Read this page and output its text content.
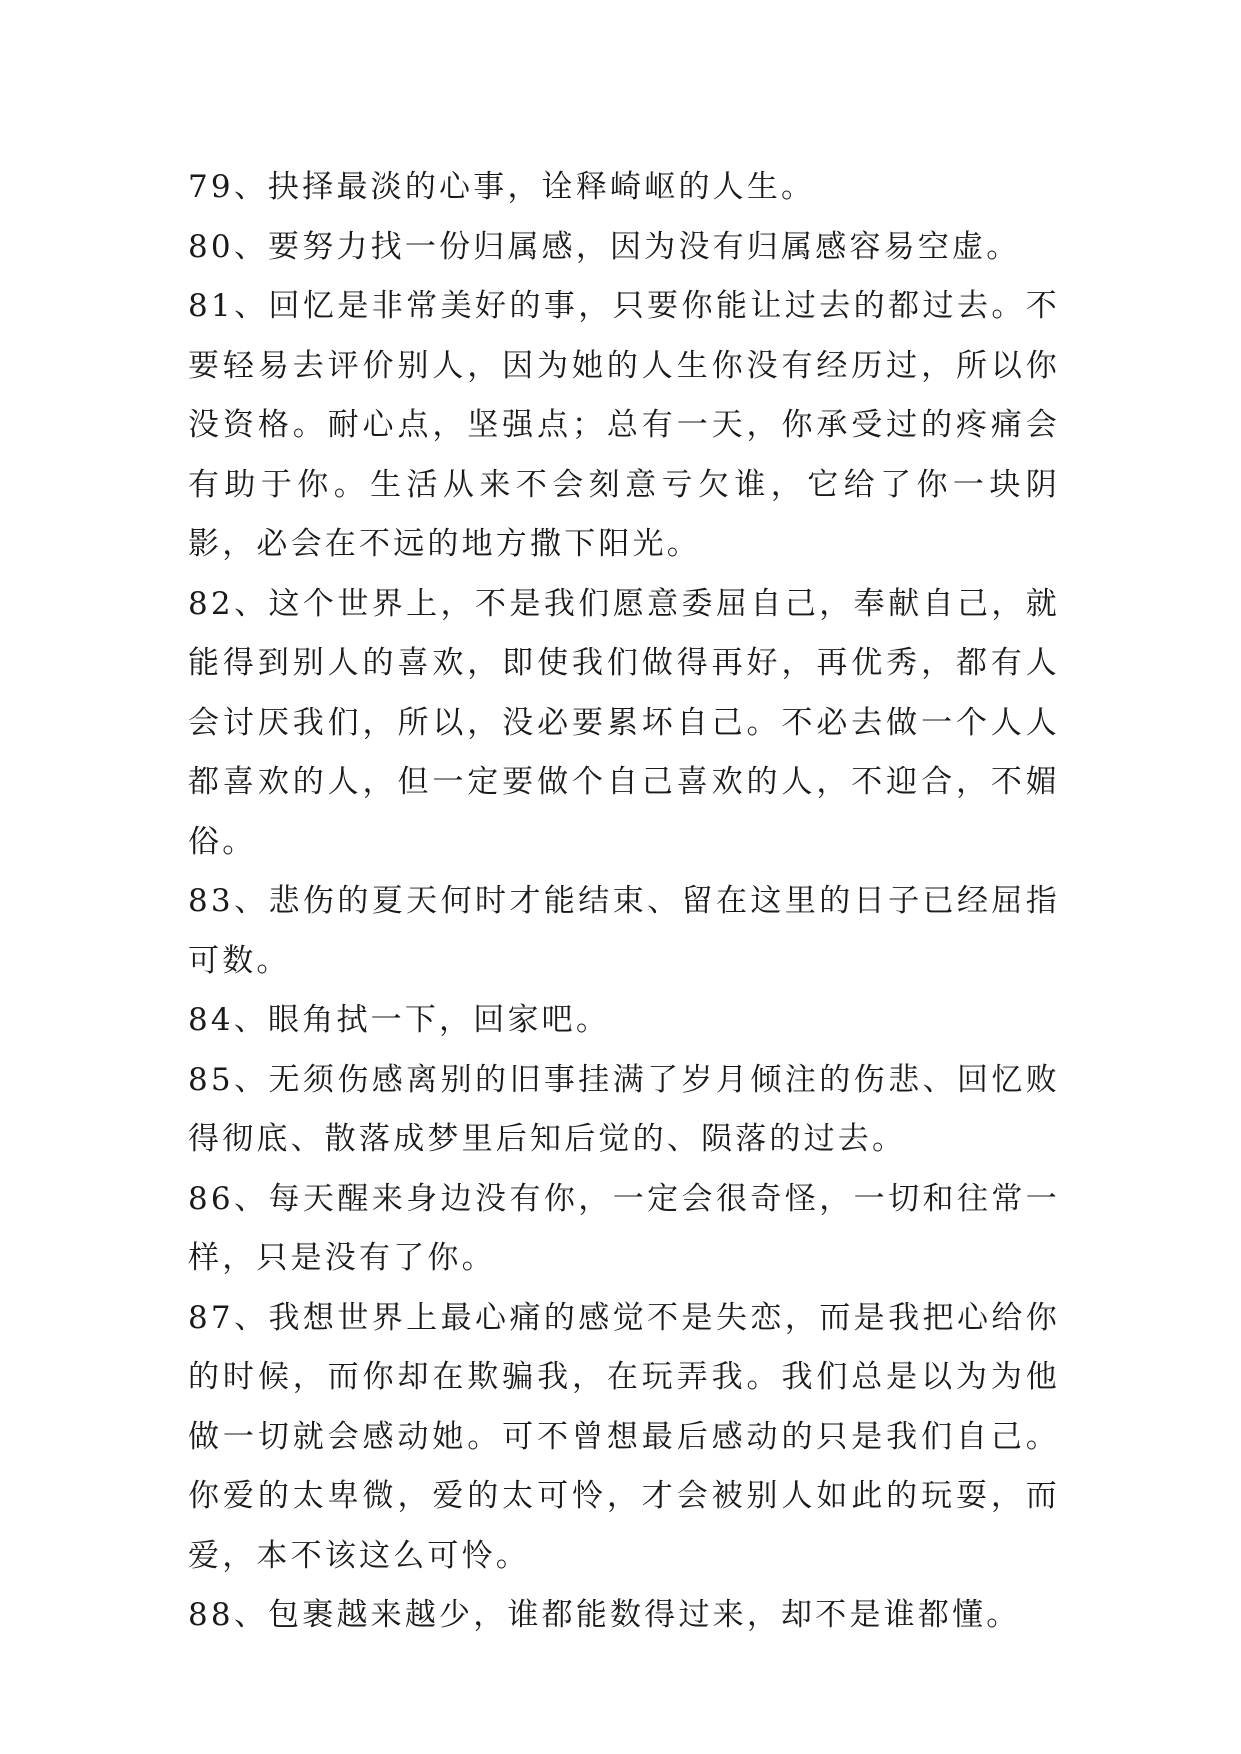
79、抉择最淡的心事，诠释崎岖的人生。

80、要努力找一份归属感，因为没有归属感容易空虚。

81、回忆是非常美好的事，只要你能让过去的都过去。不要轻易去评价别人，因为她的人生你没有经历过，所以你没资格。耐心点，坚强点；总有一天，你承受过的疼痛会有助于你。生活从来不会刻意亏欠谁，它给了你一块阴影，必会在不远的地方撒下阳光。

82、这个世界上，不是我们愿意委屈自己，奉献自己，就能得到别人的喜欢，即使我们做得再好，再优秀，都有人会讨厌我们，所以，没必要累坏自己。不必去做一个人人都喜欢的人，但一定要做个自己喜欢的人，不迎合，不媚俗。

83、悲伤的夏天何时才能结束、留在这里的日子已经屈指可数。

84、眼角拭一下，回家吧。

85、无须伤感离别的旧事挂满了岁月倾注的伤悲、回忆败得彻底、散落成梦里后知后觉的、陨落的过去。

86、每天醒来身边没有你，一定会很奇怪，一切和往常一样，只是没有了你。

87、我想世界上最心痛的感觉不是失恋，而是我把心给你的时候，而你却在欺骗我，在玩弄我。我们总是以为为他做一切就会感动她。可不曾想最后感动的只是我们自己。你爱的太卑微，爱的太可怜，才会被别人如此的玩耍，而爱，本不该这么可怜。

88、包裹越来越少，谁都能数得过来，却不是谁都懂。
